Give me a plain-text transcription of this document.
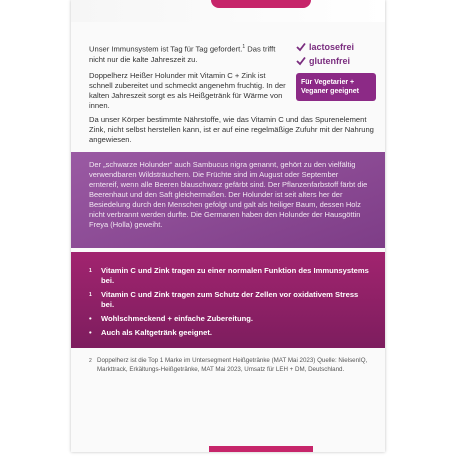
Unser Immunsystem ist Tag für Tag gefordert.$^1$ Das trifft nicht nur die kalte Jahreszeit zu.

Doppelherz Heißer Holunder mit Vitamin C + Zink ist schnell zubereitet und schmeckt angenehm fruchtig. In der kalten Jahreszeit sorgt es als Heißgetränk für Wärme von innen.

lactosefrei
glutenfrei
Für Vegetarier + Veganer geeignet
Da unser Körper bestimmte Nährstoffe, wie das Vitamin C und das Spurenelement Zink, nicht selbst herstellen kann, ist er auf eine regelmäßige Zufuhr mit der Nahrung angewiesen.
Der „schwarze Holunder“ auch Sambucus nigra genannt, gehört zu den vielfältig verwendbaren Wildsträuchern. Die Früchte sind im August oder September erntereif, wenn alle Beeren blauschwarz gefärbt sind. Der Pflanzenfarbstoff färbt die Beerenhaut und den Saft gleichermaßen. Der Holunder ist seit alters her der Besiedelung durch den Menschen gefolgt und galt als heiliger Baum, dessen Holz nicht verbrannt werden durfte. Die Germanen haben den Holunder der Hausgöttin Freya (Holla) geweiht.
$^1$	Vitamin C und Zink tragen zu einer normalen Funktion des Immunsystems bei.
$^1$	Vitamin C und Zink tragen zum Schutz der Zellen vor oxidativem Stress bei.
•	Wohlschmeckend + einfache Zubereitung.
•	Auch als Kaltgetränk geeignet.
2 Doppelherz ist die Top 1 Marke im Untersegment Heißgetränke (MAT Mai 2023) Quelle: NielsenIQ, Markttrack, Erkältungs-Heißgetränke, MAT Mai 2023, Umsatz für LEH + DM, Deutschland.
